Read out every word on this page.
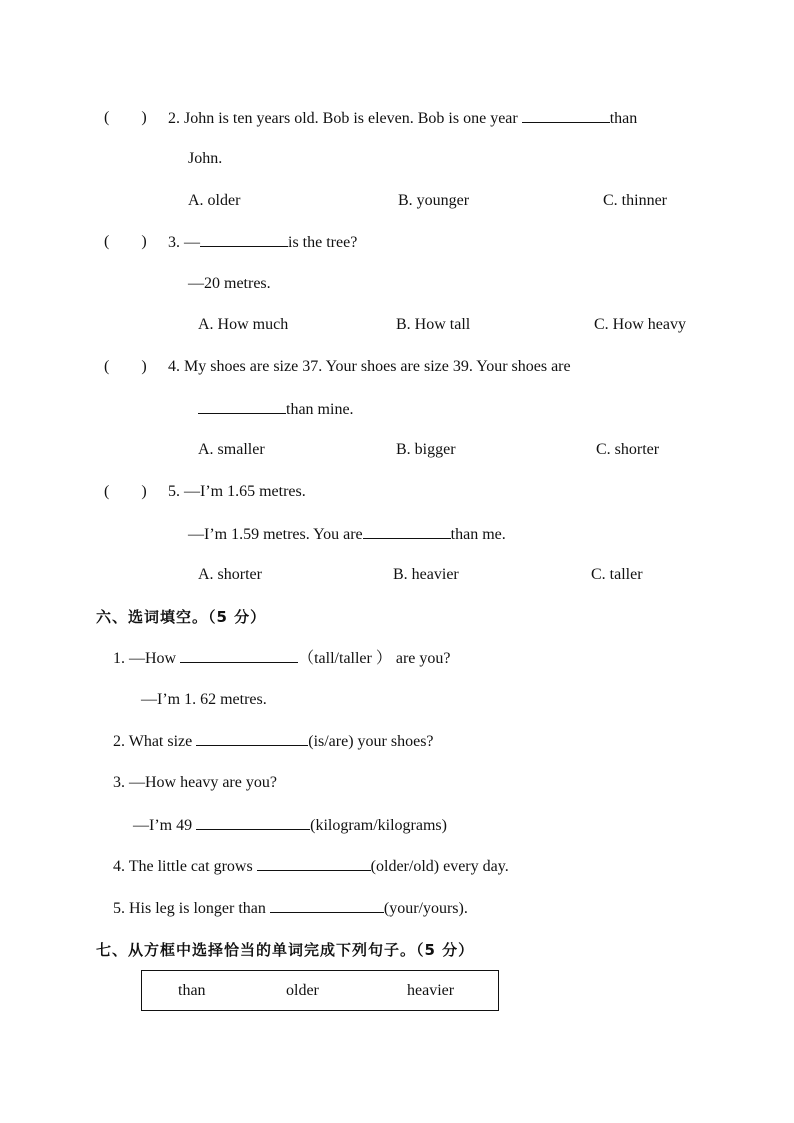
( ) 2. John is ten years old. Bob is eleven. Bob is one year	than
John.
A. older	B. younger	C. thinner
( ) 3. —	is the tree?
—20 metres.
A. How much	B. How tall	C. How heavy
( ) 4. My shoes are size 37. Your shoes are size 39. Your shoes are
than mine.
A. smaller	B. bigger	C. shorter
( ) 5. —I’m 1.65 metres.
—I’m 1.59 metres. You are	than me.
A. shorter	B. heavier	C. taller
六、选词填空。（5 分）
1. —How	（tall/taller ） are you?
—I’m 1. 62 metres.
2. What size	(is/are) your shoes?
3. —How heavy are you?
—I’m 49	(kilogram/kilograms)
4. The little cat grows	(older/old) every day.
5. His leg is longer than	(your/yours).
七、从方框中选择恰当的单词完成下列句子。（5 分）
than	older	heavier
